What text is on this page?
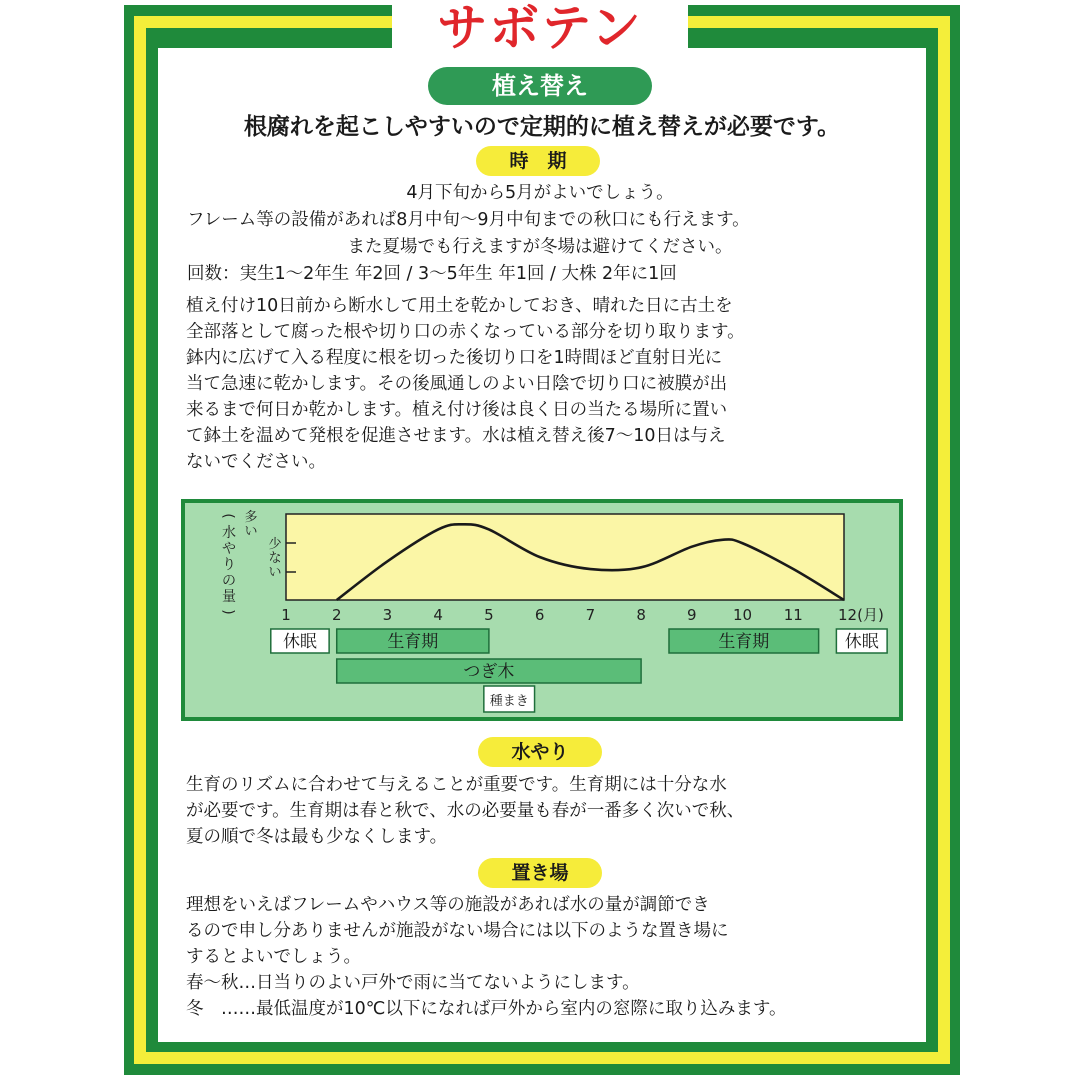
サボテン
植え替え
根腐れを起こしやすいので定期的に植え替えが必要です。
時　期
4月下旬から5月がよいでしょう。
フレーム等の設備があれば8月中旬～9月中旬までの秋口にも行えます。
また夏場でも行えますが冬場は避けてください。
回数：実生1～2年生 年2回 / 3～5年生 年1回 / 大株 2年に1回
植え付け10日前から断水して用土を乾かしておき、晴れた日に古土を
全部落として腐った根や切り口の赤くなっている部分を切り取ります。
鉢内に広げて入る程度に根を切った後切り口を1時間ほど直射日光に
当て急速に乾かします。その後風通しのよい日陰で切り口に被膜が出
来るまで何日か乾かします。植え付け後は良く日の当たる場所に置い
て鉢土を温めて発根を促進させます。水は植え替え後7～10日は与え
ないでください。
(
水
や
り
の
量
)
多
い
少
な
い
1	2	3	4	5	6	7	8	9 10 11 12(月)
休眠	生育期	生育期	休眠
つぎ木
種まき
水やり
生育のリズムに合わせて与えることが重要です。生育期には十分な水
が必要です。生育期は春と秋で、水の必要量も春が一番多く次いで秋、
夏の順で冬は最も少なくします。
置き場
理想をいえばフレームやハウス等の施設があれば水の量が調節でき
るので申し分ありませんが施設がない場合には以下のような置き場に
するとよいでしょう。
春～秋…日当りのよい戸外で雨に当てないようにします。
冬　……最低温度が10℃以下になれば戸外から室内の窓際に取り込みます。
